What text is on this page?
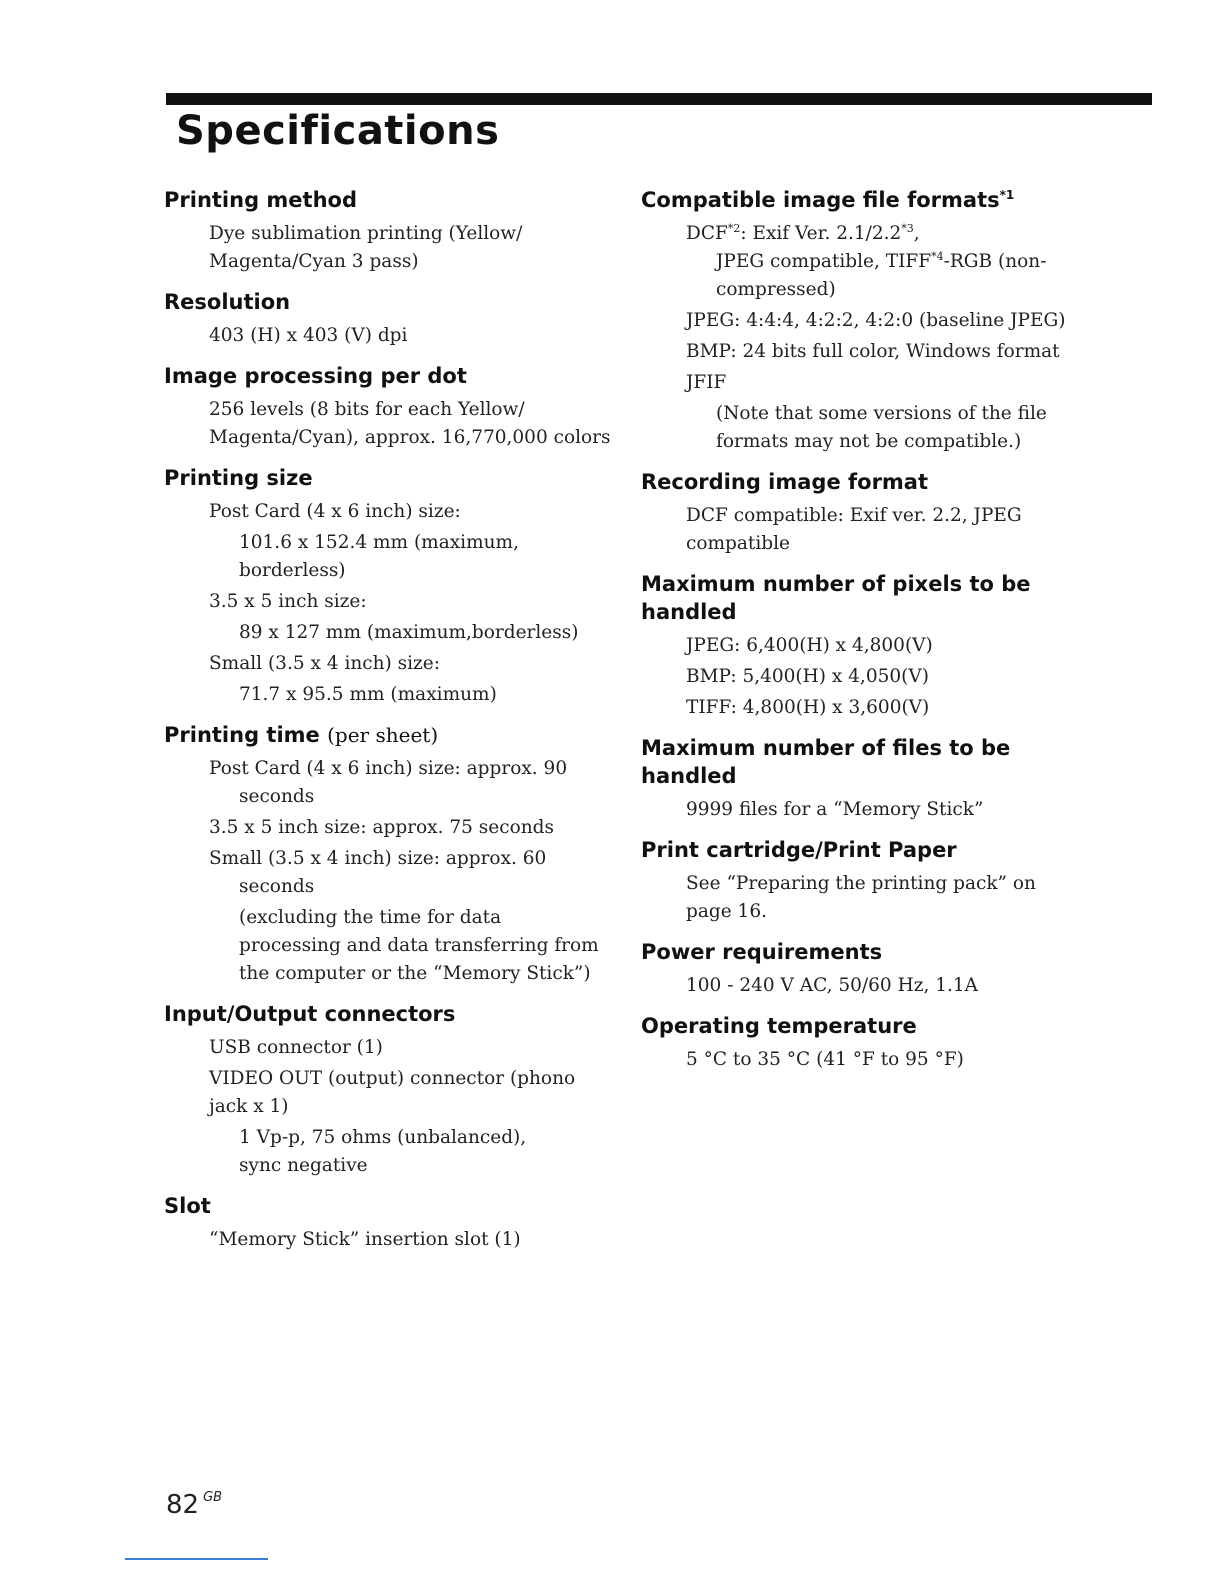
Specifications
Printing method
Dye sublimation printing (Yellow/
Magenta/Cyan 3 pass)
Resolution
403 (H) x 403 (V) dpi
Image processing per dot
256 levels (8 bits for each Yellow/
Magenta/Cyan), approx. 16,770,000 colors
Printing size
Post Card (4 x 6 inch) size:
101.6 x 152.4 mm (maximum,
borderless)
3.5 x 5 inch size:
89 x 127 mm (maximum,borderless)
Small (3.5 x 4 inch) size:
71.7 x 95.5 mm (maximum)
Printing time (per sheet)
Post Card (4 x 6 inch) size: approx. 90
seconds
3.5 x 5 inch size: approx. 75 seconds
Small (3.5 x 4 inch) size: approx. 60
seconds
(excluding the time for data
processing and data transferring from
the computer or the “Memory Stick”)
Input/Output connectors
USB connector (1)
VIDEO OUT (output) connector (phono
jack x 1)
1 Vp-p, 75 ohms (unbalanced),
sync negative
Slot
“Memory Stick” insertion slot (1)
Compatible image file formats$^{*1}$
DCF$^{*2}$: Exif Ver. 2.1/2.2$^{*3}$,
JPEG compatible, TIFF$^{*4}$-RGB (non-
compressed)
JPEG: 4:4:4, 4:2:2, 4:2:0 (baseline JPEG)
BMP: 24 bits full color, Windows format
JFIF
(Note that some versions of the file
formats may not be compatible.)
Recording image format
DCF compatible: Exif ver. 2.2, JPEG
compatible
Maximum number of pixels to be
handled
JPEG: 6,400(H) x 4,800(V)
BMP: 5,400(H) x 4,050(V)
TIFF: 4,800(H) x 3,600(V)
Maximum number of files to be handled
9999 files for a “Memory Stick”
Print cartridge/Print Paper
See “Preparing the printing pack” on
page 16.
Power requirements
100 - 240 V AC, 50/60 Hz, 1.1A
Operating temperature
5 °C to 35 °C (41 °F to 95 °F)
82 $^{GB}$
